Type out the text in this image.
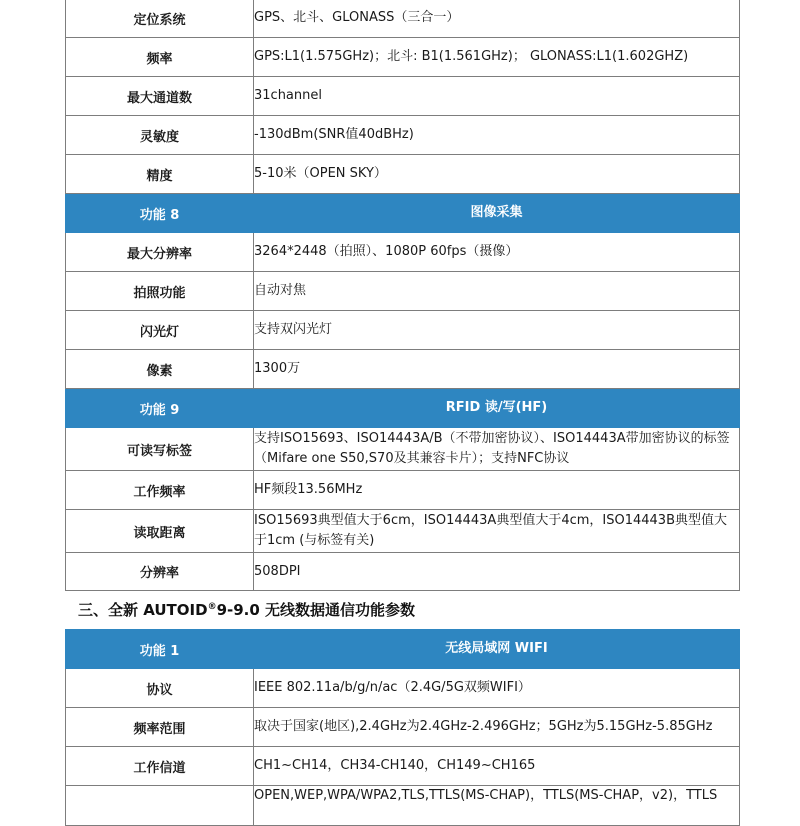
定位系统	GPS、北斗、GLONASS（三合一）
频率	GPS:L1(1.575GHz)；北斗: B1(1.561GHz)； GLONASS:L1(1.602GHZ)
最大通道数	31channel
灵敏度	-130dBm(SNR值40dBHz)
精度	5-10米（OPEN SKY）
功能 8	图像采集
最大分辨率	3264*2448（拍照）、1080P 60fps（摄像）
拍照功能	自动对焦
闪光灯	支持双闪光灯
像素	1300万
功能 9	RFID 读/写(HF)
可读写标签	支持ISO15693、ISO14443A/B（不带加密协议）、ISO14443A带加密协议的标签（Mifare one S50,S70及其兼容卡片）；支持NFC协议
工作频率	HF频段13.56MHz
读取距离	ISO15693典型值大于6cm，ISO14443A典型值大于4cm，ISO14443B典型值大于1cm (与标签有关)
分辨率	508DPI
三、全新 AUTOID®9-9.0 无线数据通信功能参数
功能 1	无线局域网 WIFI
协议	IEEE 802.11a/b/g/n/ac（2.4G/5G双频WIFI）
频率范围	取决于国家(地区),2.4GHz为2.4GHz-2.496GHz；5GHz为5.15GHz-5.85GHz
工作信道	CH1~CH14，CH34-CH140，CH149~CH165
	OPEN,WEP,WPA/WPA2,TLS,TTLS(MS-CHAP)，TTLS(MS-CHAP，v2)，TTLS
